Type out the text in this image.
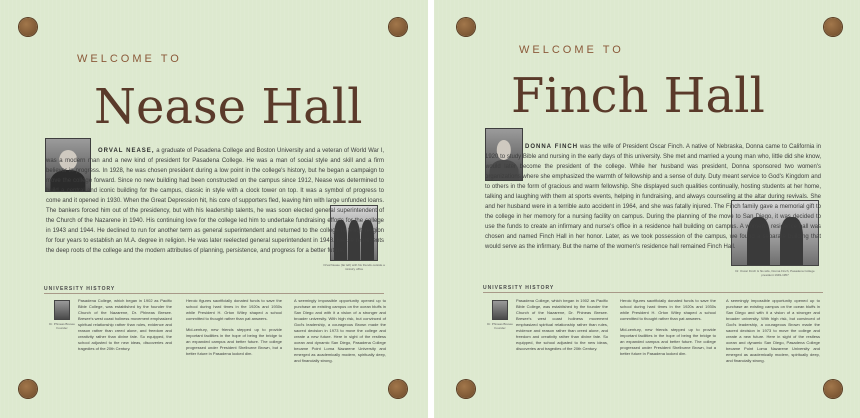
WELCOME TO
Nease Hall
Orval Nease (far left) with his friends outside a ministry office

ORVAL NEASE, a graduate of Pasadena College and Boston University and a veteran of World War I, was a modern man and a new kind of president for Pasadena College. He was a man of social style and skill and a firm believer in progress. In 1928, he was chosen president during a low point in the college's history, but he began a campaign to move the college forward. Since no new building had been constructed on the campus since 1912, Nease was determined to build a central and iconic building for the campus, classic in style with a clock tower on top. It was a symbol of progress to come and it opened in 1930. When the Great Depression hit, his core of supporters fled, leaving him with large unfunded loans. The bankers forced him out of the presidency, but with his leadership talents, he was soon elected general superintendent of the Church of the Nazarene in 1940. His continuing love for the college led him to undertake fundraising efforts for the college in 1943 and 1944. He declined to run for another term as general superintendent and returned to the college to teach religion for four years to establish an M.A. degree in religion. He was later reelected general superintendent in 1948. Nease represents the deep roots of the college and the modern attributes of planning, persistence, and progress for a better future.

UNIVERSITY HISTORY
Dr. Phineas Bresee Founder

Pasadena College, which began in 1902 as Pacific Bible College, was established by the founder the Church of the Nazarene, Dr. Phineas Bresee. Bresee's west coast holiness movement emphasized spiritual relationship rather than rules, evidence and reason rather than creed alone, and freedom and creativity rather than divine fate. So equipped, the school adjusted to the new ideas, discoveries and tragedies of the 20th Century.

Heroic figures sacrificially donated funds to save the school during hard times in the 1920s and 1930s while President H. Orton Wiley shaped a school committed to thought rather than pat answers.

Mid-century, new friends stepped up to provide important facilities in the hope of being the bridge to an expanded campus and better future. The college progressed under President Shelburne Brown, but a better future in Pasadena looked dim.

A seemingly impossible opportunity opened up to purchase an existing campus on the ocean bluffs in San Diego and with it a vision of a stronger and broader university. With high risk, but convinced of God's leadership, a courageous Brown made the sacred decision in 1973 to move the college and create a new future. Here in sight of the restless ocean and dynamic San Diego, Pasadena College became Point Loma Nazarene University and emerged as academically modern, spiritually deep, and financially strong.

WELCOME TO
Finch Hall
Dr. Oscar Finch & his wife, Donna Finch, Pasadena College president 1949-1957

DONNA FINCH was the wife of President Oscar Finch. A native of Nebraska, Donna came to California in 1920 to study Bible and nursing in the early days of this university. She met and married a young man who, little did she know, would later become the president of the college. While her husband was president, Donna sponsored two women's organizations where she emphasized the warmth of fellowship and a sense of duty. Duty meant service to God's Kingdom and to others in the form of gracious and warm fellowship. She displayed such qualities continually, hosting students at her home, talking and laughing with them at sports events, helping in fundraising, and always counseling at the altar during revivals. She and her husband were in a terrible auto accident in 1964, and she was fatally injured. The Finch family gave a memorial gift to the college in her memory for a nursing facility on campus. During the planning of the move to San Diego, it was decided to use the funds to create an infirmary and nurse's office in a residence hall building on campus. A women's residence hall was chosen and named Finch Hall in her honor. Later, as we took possession of the campus, we found a separate building that would serve as the infirmary. But the name of the women's residence hall remained Finch Hall.

UNIVERSITY HISTORY
Dr. Phineas Bresee Founder

Pasadena College, which began in 1902 as Pacific Bible College, was established by the founder the Church of the Nazarene, Dr. Phineas Bresee. Bresee's west coast holiness movement emphasized spiritual relationship rather than rules, evidence and reason rather than creed alone, and freedom and creativity rather than divine fate. So equipped, the school adjusted to the new ideas, discoveries and tragedies of the 20th Century.

Heroic figures sacrificially donated funds to save the school during hard times in the 1920s and 1930s while President H. Orton Wiley shaped a school committed to thought rather than pat answers.

Mid-century, new friends stepped up to provide important facilities in the hope of being the bridge to an expanded campus and better future. The college progressed under President Shelburne Brown, but a better future in Pasadena looked dim.

A seemingly impossible opportunity opened up to purchase an existing campus on the ocean bluffs in San Diego and with it a vision of a stronger and broader university. With high risk, but convinced of God's leadership, a courageous Brown made the sacred decision in 1973 to move the college and create a new future. Here in sight of the restless ocean and dynamic San Diego, Pasadena College became Point Loma Nazarene University and emerged as academically modern, spiritually deep, and financially strong.
